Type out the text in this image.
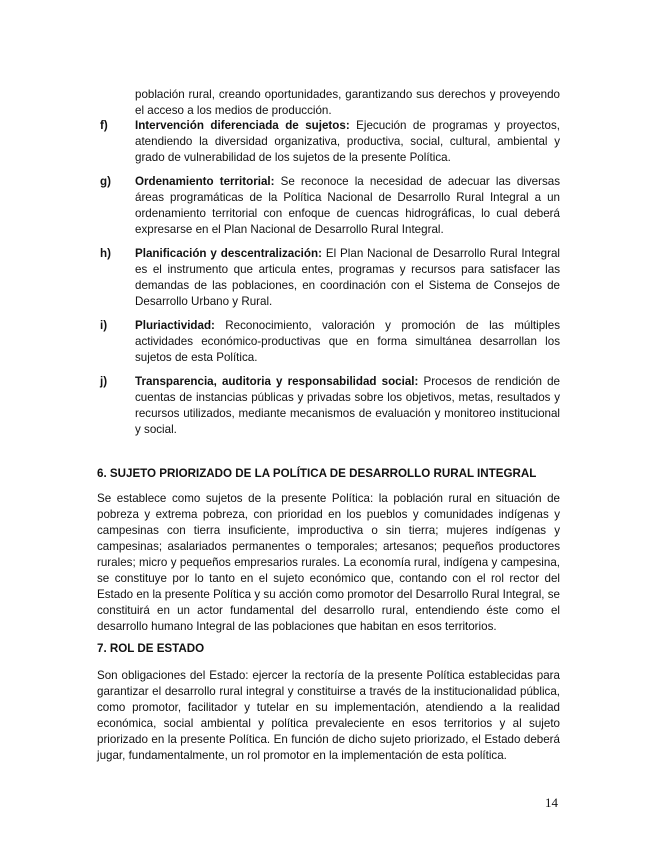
población rural, creando oportunidades, garantizando sus derechos y proveyendo el acceso a los medios de producción.

f)	Intervención diferenciada de sujetos: Ejecución de programas y proyectos, atendiendo la diversidad organizativa, productiva, social, cultural, ambiental y grado de vulnerabilidad de los sujetos de la presente Política.
g)	Ordenamiento territorial: Se reconoce la necesidad de adecuar las diversas áreas programáticas de la Política Nacional de Desarrollo Rural Integral a un ordenamiento territorial con enfoque de cuencas hidrográficas, lo cual deberá expresarse en el Plan Nacional de Desarrollo Rural Integral.
h)	Planificación y descentralización: El Plan Nacional de Desarrollo Rural Integral es el instrumento que articula entes, programas y recursos para satisfacer las demandas de las poblaciones, en coordinación con el Sistema de Consejos de Desarrollo Urbano y Rural.
i)	Pluriactividad: Reconocimiento, valoración y promoción de las múltiples actividades económico-productivas que en forma simultánea desarrollan los sujetos de esta Política.
j)	Transparencia, auditoria y responsabilidad social: Procesos de rendición de cuentas de instancias públicas y privadas sobre los objetivos, metas, resultados y recursos utilizados, mediante mecanismos de evaluación y monitoreo institucional y social.
6. SUJETO PRIORIZADO DE LA POLÍTICA DE DESARROLLO RURAL INTEGRAL

Se establece como sujetos de la presente Política: la población rural en situación de pobreza y extrema pobreza, con prioridad en los pueblos y comunidades indígenas y campesinas con tierra insuficiente, improductiva o sin tierra; mujeres indígenas y campesinas; asalariados permanentes o temporales; artesanos; pequeños productores rurales; micro y pequeños empresarios rurales. La economía rural, indígena y campesina, se constituye por lo tanto en el sujeto económico que, contando con el rol rector del Estado en la presente Política y su acción como promotor del Desarrollo Rural Integral, se constituirá en un actor fundamental del desarrollo rural, entendiendo éste como el desarrollo humano Integral de las poblaciones que habitan en esos territorios.

7. ROL DE ESTADO

Son obligaciones del Estado: ejercer la rectoría de la presente Política establecidas para garantizar el desarrollo rural integral y constituirse a través de la institucionalidad pública, como promotor, facilitador y tutelar en su implementación, atendiendo a la realidad económica, social ambiental y política prevaleciente en esos territorios y al sujeto priorizado en la presente Política. En función de dicho sujeto priorizado, el Estado deberá jugar, fundamentalmente, un rol promotor en la implementación de esta política.

14
